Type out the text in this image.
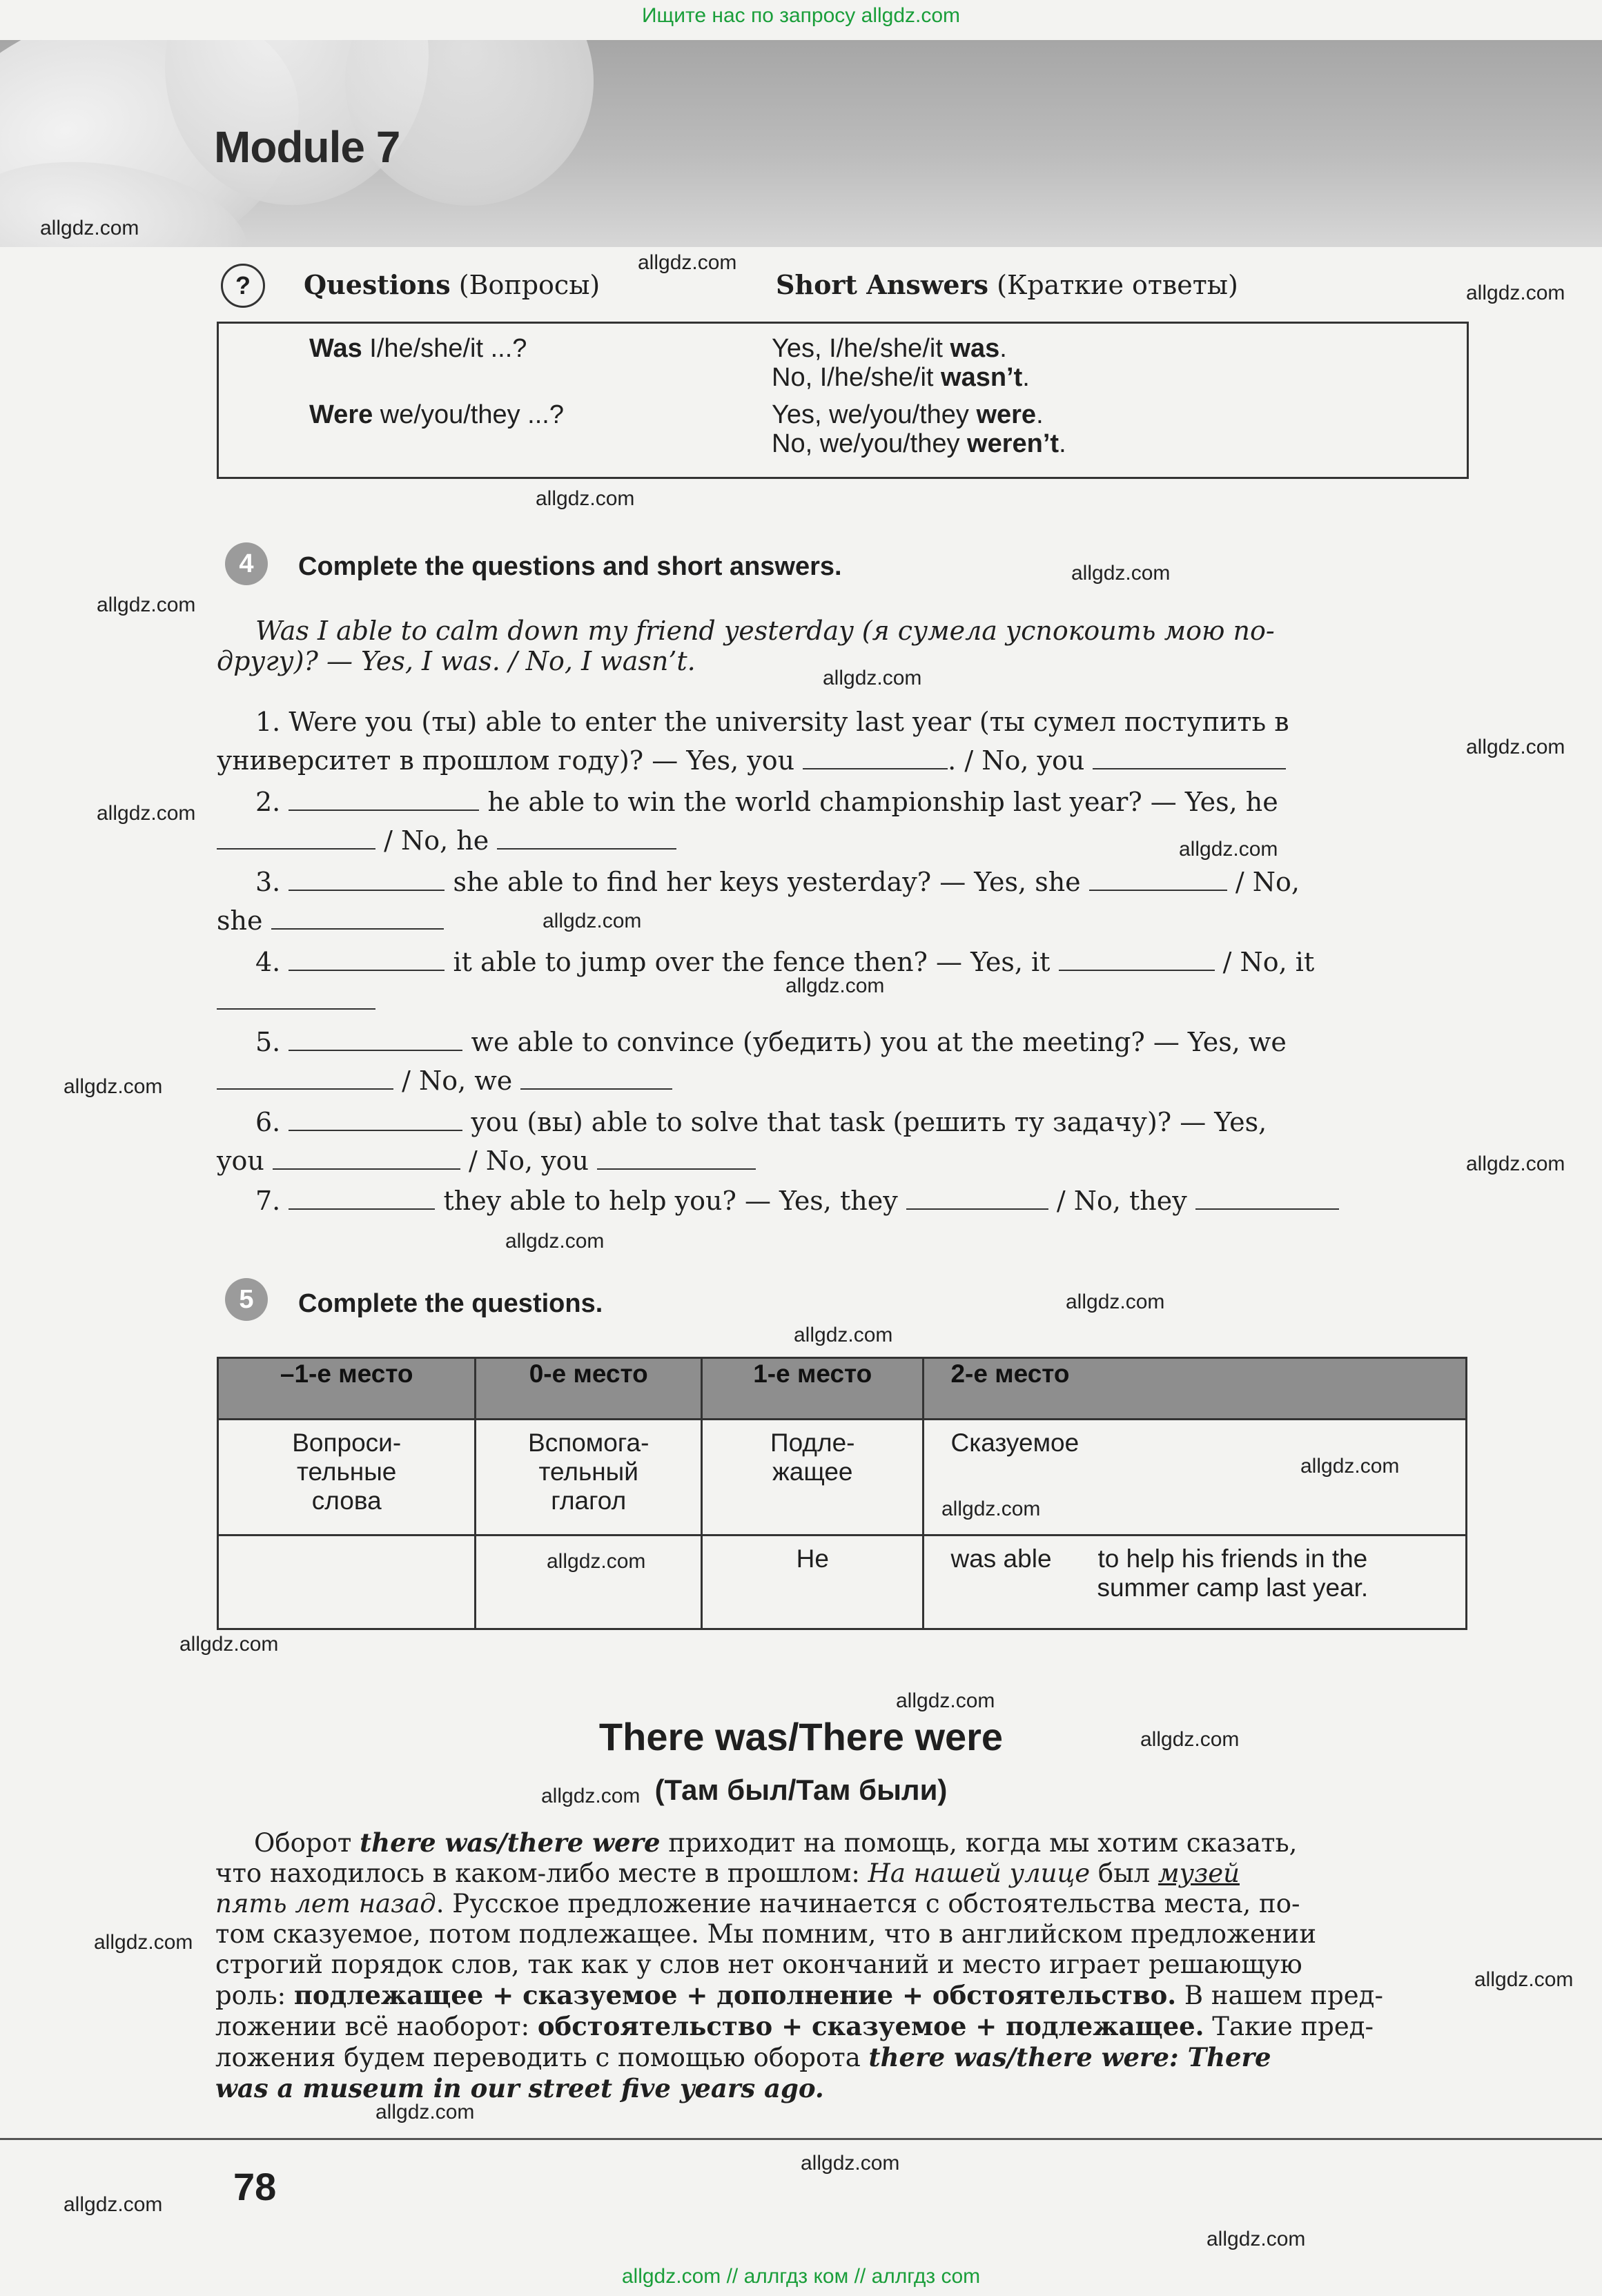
Module 7
Ищите нас по запросу allgdz.com
allgdz.com // аллгдз ком // аллгдз com
allgdz.com
allgdz.com
allgdz.com
allgdz.com
allgdz.com
allgdz.com
allgdz.com
allgdz.com
allgdz.com
allgdz.com
allgdz.com
allgdz.com
allgdz.com
allgdz.com
allgdz.com
allgdz.com
allgdz.com
allgdz.com
allgdz.com
allgdz.com
allgdz.com
allgdz.com
allgdz.com
allgdz.com
allgdz.com
allgdz.com
allgdz.com
allgdz.com
allgdz.com
allgdz.com
?	Questions (Вопросы)	Short Answers (Краткие ответы)
Was I/he/she/it ...?	Yes, I/he/she/it was.
No, I/he/she/it wasn’t.
Were we/you/they ...?	Yes, we/you/they were.
No, we/you/they weren’t.
4	Complete the questions and short answers.
Was I able to calm down my friend yesterday (я сумела успокоить мою по-
другу)? — Yes, I was. / No, I wasn’t.
1. Were you (ты) able to enter the university last year (ты сумел поступить в
университет в прошлом году)? — Yes, you	. / No, you
2.	he able to win the world championship last year? — Yes, he
/ No, he
3.	she able to find her keys yesterday? — Yes, she	/ No,
she
4.	it able to jump over the fence then? — Yes, it	/ No, it
5.	we able to convince (убедить) you at the meeting? — Yes, we
/ No, we
6.	you (вы) able to solve that task (решить ту задачу)? — Yes,
you	/ No, you
7.	they able to help you? — Yes, they	/ No, they
5	Complete the questions.
–1-е место	0-е место	1-е место	2-е место
Вопроси-
тельные
слова	Вспомога-
тельный
глагол	Подле-
жащее	Сказуемое
		He	was able to help his friends in the
summer camp last year.
There was/There were
(Там был/Там были)
Оборот there was/there were приходит на помощь, когда мы хотим сказать,
что находилось в каком-либо месте в прошлом: На нашей улице был музей
пять лет назад. Русское предложение начинается с обстоятельства места, по-
том сказуемое, потом подлежащее. Мы помним, что в английском предложении
строгий порядок слов, так как у слов нет окончаний и место играет решающую
роль: подлежащее + сказуемое + дополнение + обстоятельство. В нашем пред-
ложении всё наоборот: обстоятельство + сказуемое + подлежащее. Такие пред-
ложения будем переводить с помощью оборота there was/there were: There
was a museum in our street five years ago.
78
